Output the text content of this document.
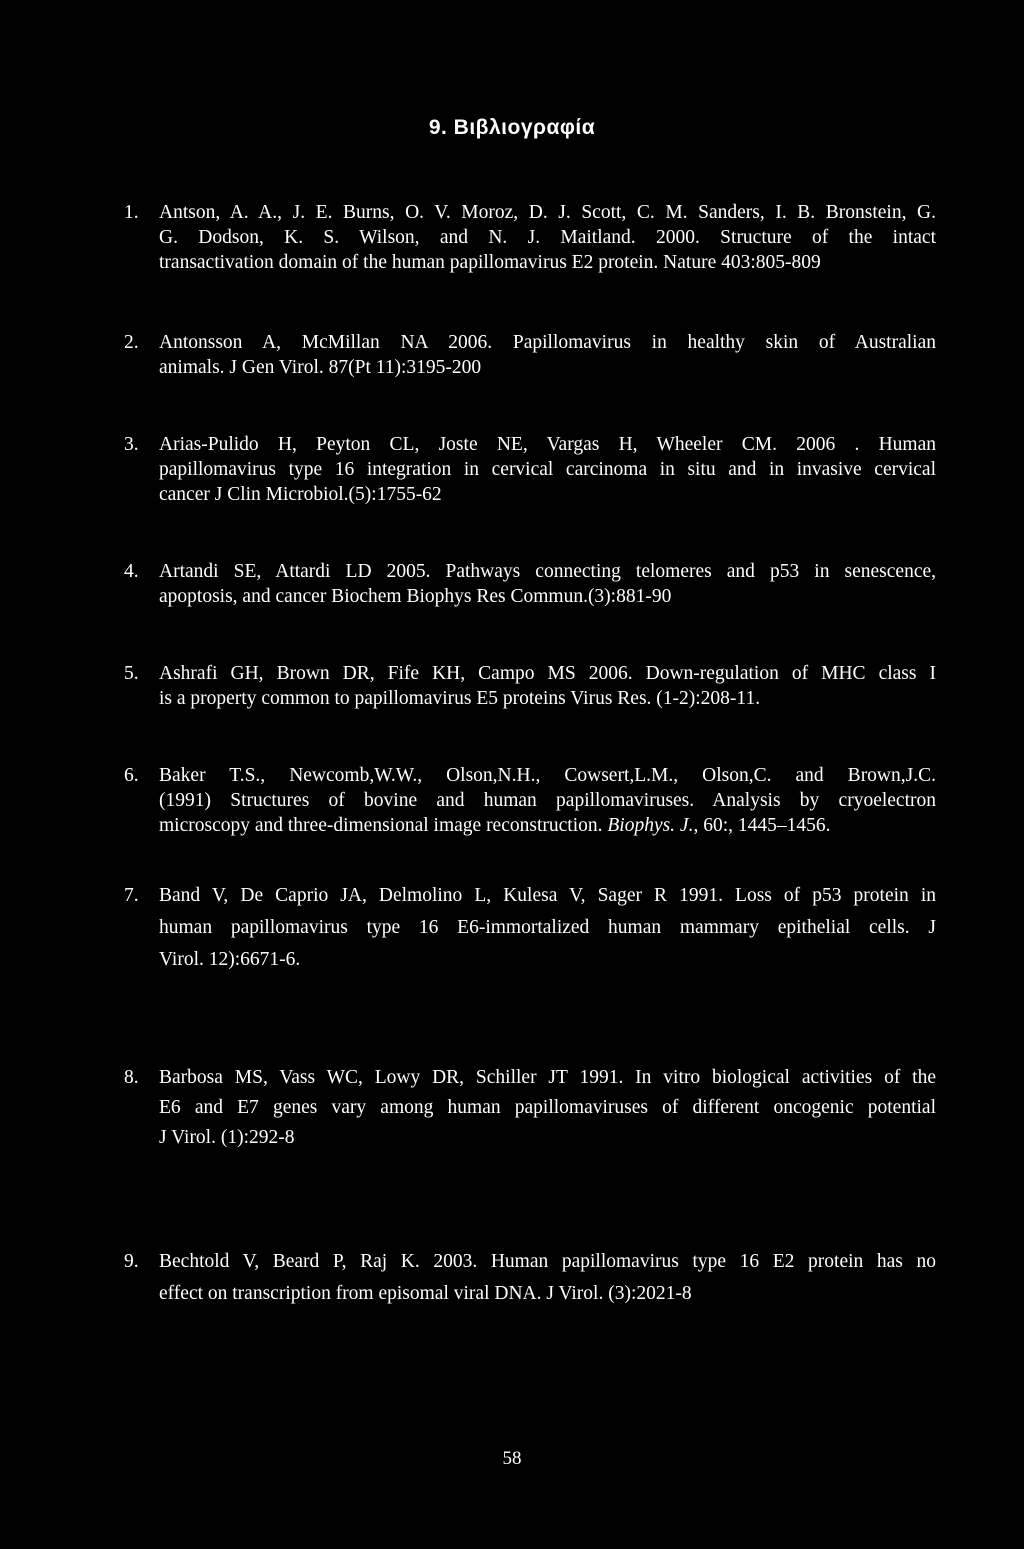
9. Βιβλιογραφία
1.	Antson, A. A., J. E. Burns, O. V. Moroz, D. J. Scott, C. M. Sanders, I. B. Bronstein, G.
G. Dodson, K. S. Wilson, and N. J. Maitland. 2000. Structure of the intact
transactivation domain of the human papillomavirus E2 protein. Nature 403:805-809
2.	Antonsson A, McMillan NA 2006. Papillomavirus in healthy skin of Australian
animals. J Gen Virol. 87(Pt 11):3195-200
3.	Arias-Pulido H, Peyton CL, Joste NE, Vargas H, Wheeler CM. 2006 . Human
papillomavirus type 16 integration in cervical carcinoma in situ and in invasive cervical
cancer J Clin Microbiol.(5):1755-62
4.	Artandi SE, Attardi LD 2005. Pathways connecting telomeres and p53 in senescence,
apoptosis, and cancer Biochem Biophys Res Commun.(3):881-90
5.	Ashrafi GH, Brown DR, Fife KH, Campo MS 2006. Down-regulation of MHC class I
is a property common to papillomavirus E5 proteins Virus Res. (1-2):208-11.
6.	Baker T.S., Newcomb,W.W., Olson,N.H., Cowsert,L.M., Olson,C. and Brown,J.C.
(1991) Structures of bovine and human papillomaviruses. Analysis by cryoelectron
microscopy and three-dimensional image reconstruction. Biophys. J., 60:, 1445–1456.
7.	Band V, De Caprio JA, Delmolino L, Kulesa V, Sager R 1991. Loss of p53 protein in
human papillomavirus type 16 E6-immortalized human mammary epithelial cells. J
Virol. 12):6671-6.
8.	Barbosa MS, Vass WC, Lowy DR, Schiller JT 1991. In vitro biological activities of the
E6 and E7 genes vary among human papillomaviruses of different oncogenic potential
J Virol. (1):292-8
9.	Bechtold V, Beard P, Raj K. 2003. Human papillomavirus type 16 E2 protein has no
effect on transcription from episomal viral DNA. J Virol. (3):2021-8
58
